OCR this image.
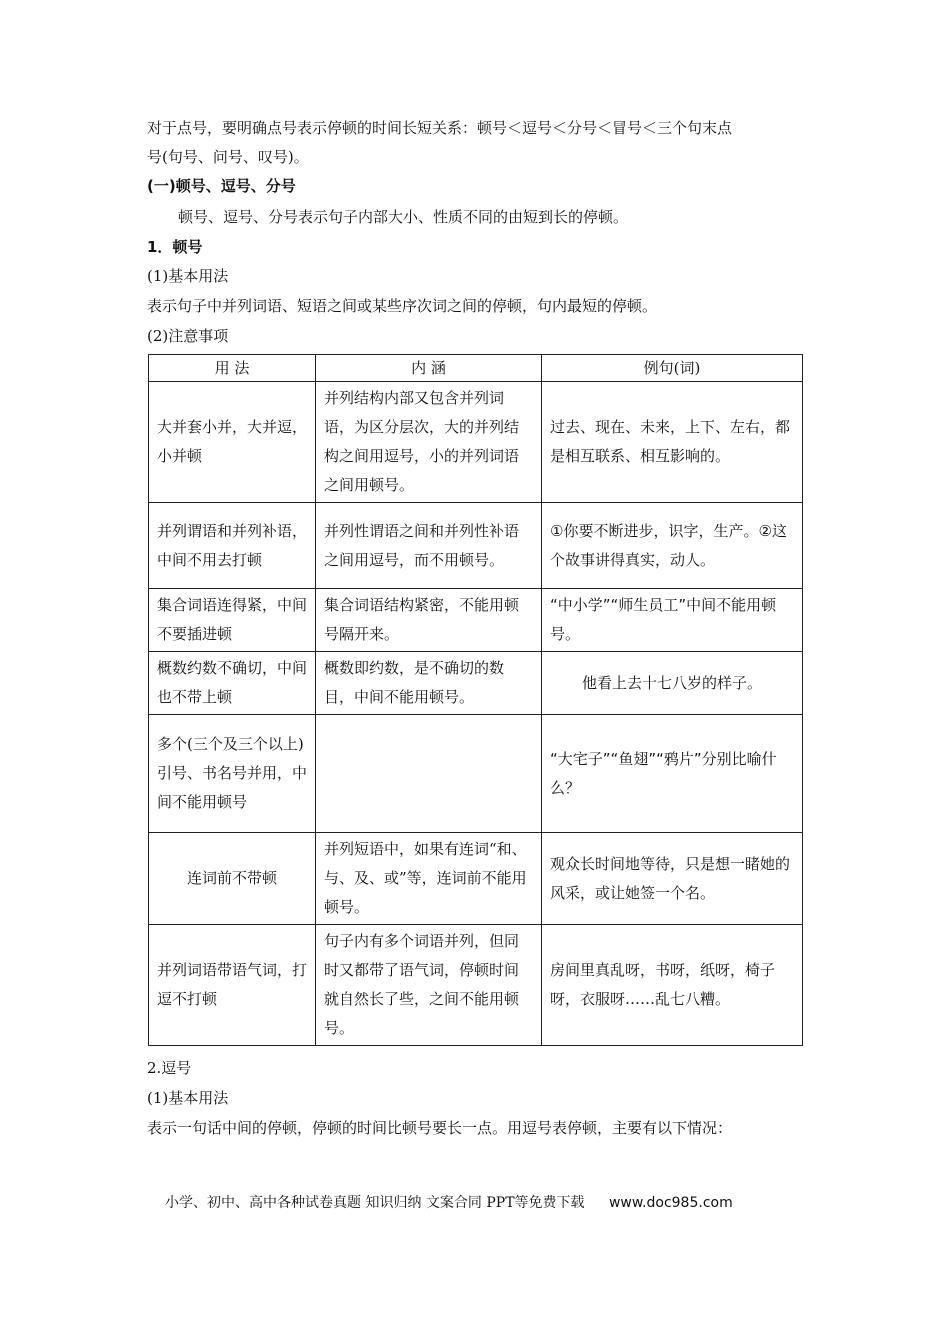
对于点号，要明确点号表示停顿的时间长短关系：顿号＜逗号＜分号＜冒号＜三个句末点
号(句号、问号、叹号)。
(一)顿号、逗号、分号
顿号、逗号、分号表示句子内部大小、性质不同的由短到长的停顿。
1．顿号
(1)基本用法
表示句子中并列词语、短语之间或某些序次词之间的停顿，句内最短的停顿。
(2)注意事项
用 法	内 涵	例句(词)
大并套小并，大并逗，小并顿	并列结构内部又包含并列词语，为区分层次，大的并列结构之间用逗号，小的并列词语之间用顿号。	过去、现在、未来，上下、左右，都是相互联系、相互影响的。
并列谓语和并列补语，中间不用去打顿	并列性谓语之间和并列性补语之间用逗号，而不用顿号。	①你要不断进步，识字，生产。②这个故事讲得真实，动人。
集合词语连得紧，中间不要插进顿	集合词语结构紧密，不能用顿号隔开来。	“中小学”“师生员工”中间不能用顿号。
概数约数不确切，中间也不带上顿	概数即约数，是不确切的数目，中间不能用顿号。	他看上去十七八岁的样子。
多个(三个及三个以上)引号、书名号并用，中间不能用顿号		“大宅子”“鱼翅”“鸦片”分别比喻什么？
连词前不带顿	并列短语中，如果有连词“和、与、及、或”等，连词前不能用顿号。	观众长时间地等待，只是想一睹她的风采，或让她签一个名。
并列词语带语气词，打逗不打顿	句子内有多个词语并列，但同时又都带了语气词，停顿时间就自然长了些，之间不能用顿号。	房间里真乱呀，书呀，纸呀，椅子呀，衣服呀……乱七八糟。
2.逗号
(1)基本用法
表示一句话中间的停顿，停顿的时间比顿号要长一点。用逗号表停顿，主要有以下情况：
小学、初中、高中各种试卷真题 知识归纳 文案合同 PPT等免费下载 www.doc985.com
